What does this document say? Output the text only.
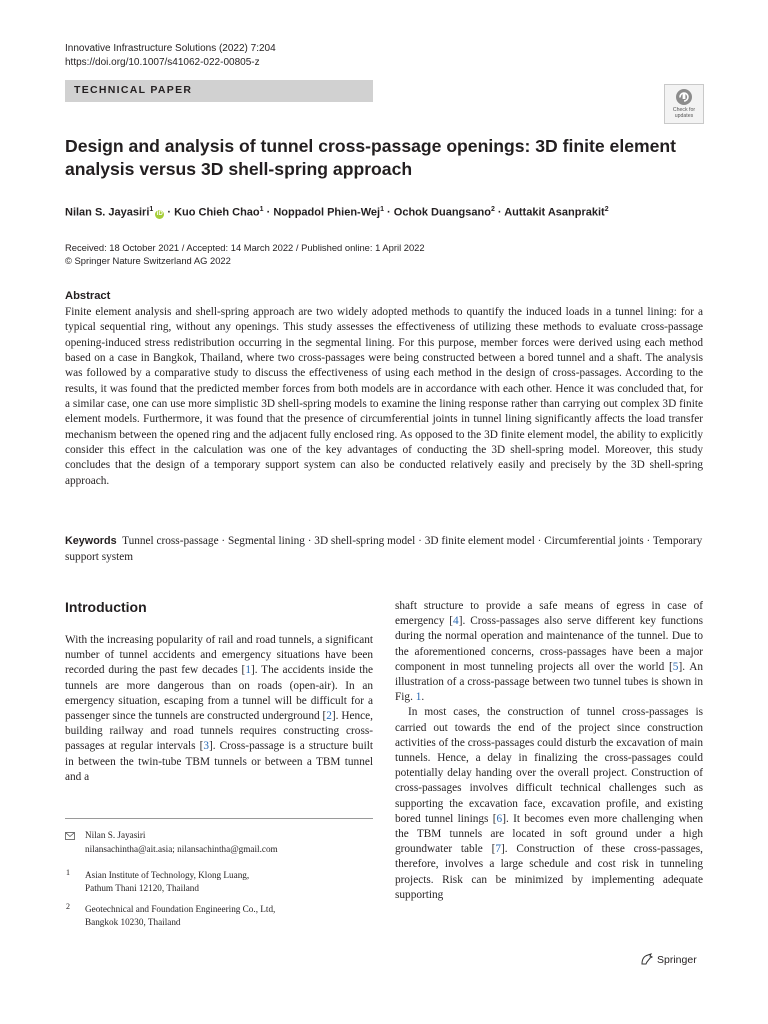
Innovative Infrastructure Solutions (2022) 7:204
https://doi.org/10.1007/s41062-022-00805-z
TECHNICAL PAPER
Check for
updates
Design and analysis of tunnel cross-passage openings: 3D finite element analysis versus 3D shell-spring approach
Nilan S. Jayasiri$^1$iD · Kuo Chieh Chao$^1$ · Noppadol Phien-Wej$^1$ · Ochok Duangsano$^2$ · Auttakit Asanprakit$^2$
Received: 18 October 2021 / Accepted: 14 March 2022 / Published online: 1 April 2022
© Springer Nature Switzerland AG 2022
Abstract
Finite element analysis and shell-spring approach are two widely adopted methods to quantify the induced loads in a tunnel lining: for a typical sequential ring, without any openings. This study assesses the effectiveness of utilizing these methods to evaluate cross-passage opening-induced stress redistribution occurring in the segmental lining. For this purpose, member forces were derived using each method based on a case in Bangkok, Thailand, where two cross-passages were being constructed between a bored tunnel and a shaft. The analysis was followed by a comparative study to discuss the effectiveness of using each method in the design of cross-passages. According to the results, it was found that the predicted member forces from both models are in accordance with each other. Hence it was concluded that, for a similar case, one can use more simplistic 3D shell-spring models to examine the lining response rather than carrying out complex 3D finite element models. Furthermore, it was found that the presence of circumferential joints in tunnel lining significantly affects the load transfer mechanism between the opened ring and the adjacent fully enclosed ring. As opposed to the 3D finite element model, the ability to explicitly consider this effect in the calculation was one of the key advantages of conducting the 3D shell-spring model. Moreover, this study concludes that the design of a temporary support system can also be conducted relatively easily and precisely by the 3D shell-spring approach.
Keywords Tunnel cross-passage · Segmental lining · 3D shell-spring model · 3D finite element model · Circumferential joints · Temporary support system
Introduction

With the increasing popularity of rail and road tunnels, a significant number of tunnel accidents and emergency situations have been recorded during the past few decades [1]. The accidents inside the tunnels are more dangerous than on roads (open-air). In an emergency situation, escaping from a tunnel will be difficult for a passenger since the tunnels are constructed underground [2]. Hence, building railway and road tunnels requires constructing cross-passages at regular intervals [3]. Cross-passage is a structure built in between the twin-tube TBM tunnels or between a TBM tunnel and a

shaft structure to provide a safe means of egress in case of emergency [4]. Cross-passages also serve different key functions during the normal operation and maintenance of the tunnel. Due to the aforementioned concerns, cross-passages have been a major component in most tunneling projects all over the world [5]. An illustration of a cross-passage between two tunnel tubes is shown in Fig. 1.

In most cases, the construction of tunnel cross-passages is carried out towards the end of the project since construction activities of the cross-passages could disturb the excavation of main tunnels. Hence, a delay in finalizing the cross-passages could potentially delay handing over the overall project. Construction of cross-passages involves difficult technical challenges such as supporting the excavation face, excavation profile, and existing bored tunnel linings [6]. It becomes even more challenging when the TBM tunnels are located in soft ground under a high groundwater table [7]. Construction of these cross-passages, therefore, involves a large schedule and cost risk in tunneling projects. Risk can be minimized by implementing adequate supporting

Nilan S. Jayasiri
nilansachintha@ait.asia; nilansachintha@gmail.com
1 Asian Institute of Technology, Klong Luang,
Pathum Thani 12120, Thailand
2 Geotechnical and Foundation Engineering Co., Ltd,
Bangkok 10230, Thailand
Springer
